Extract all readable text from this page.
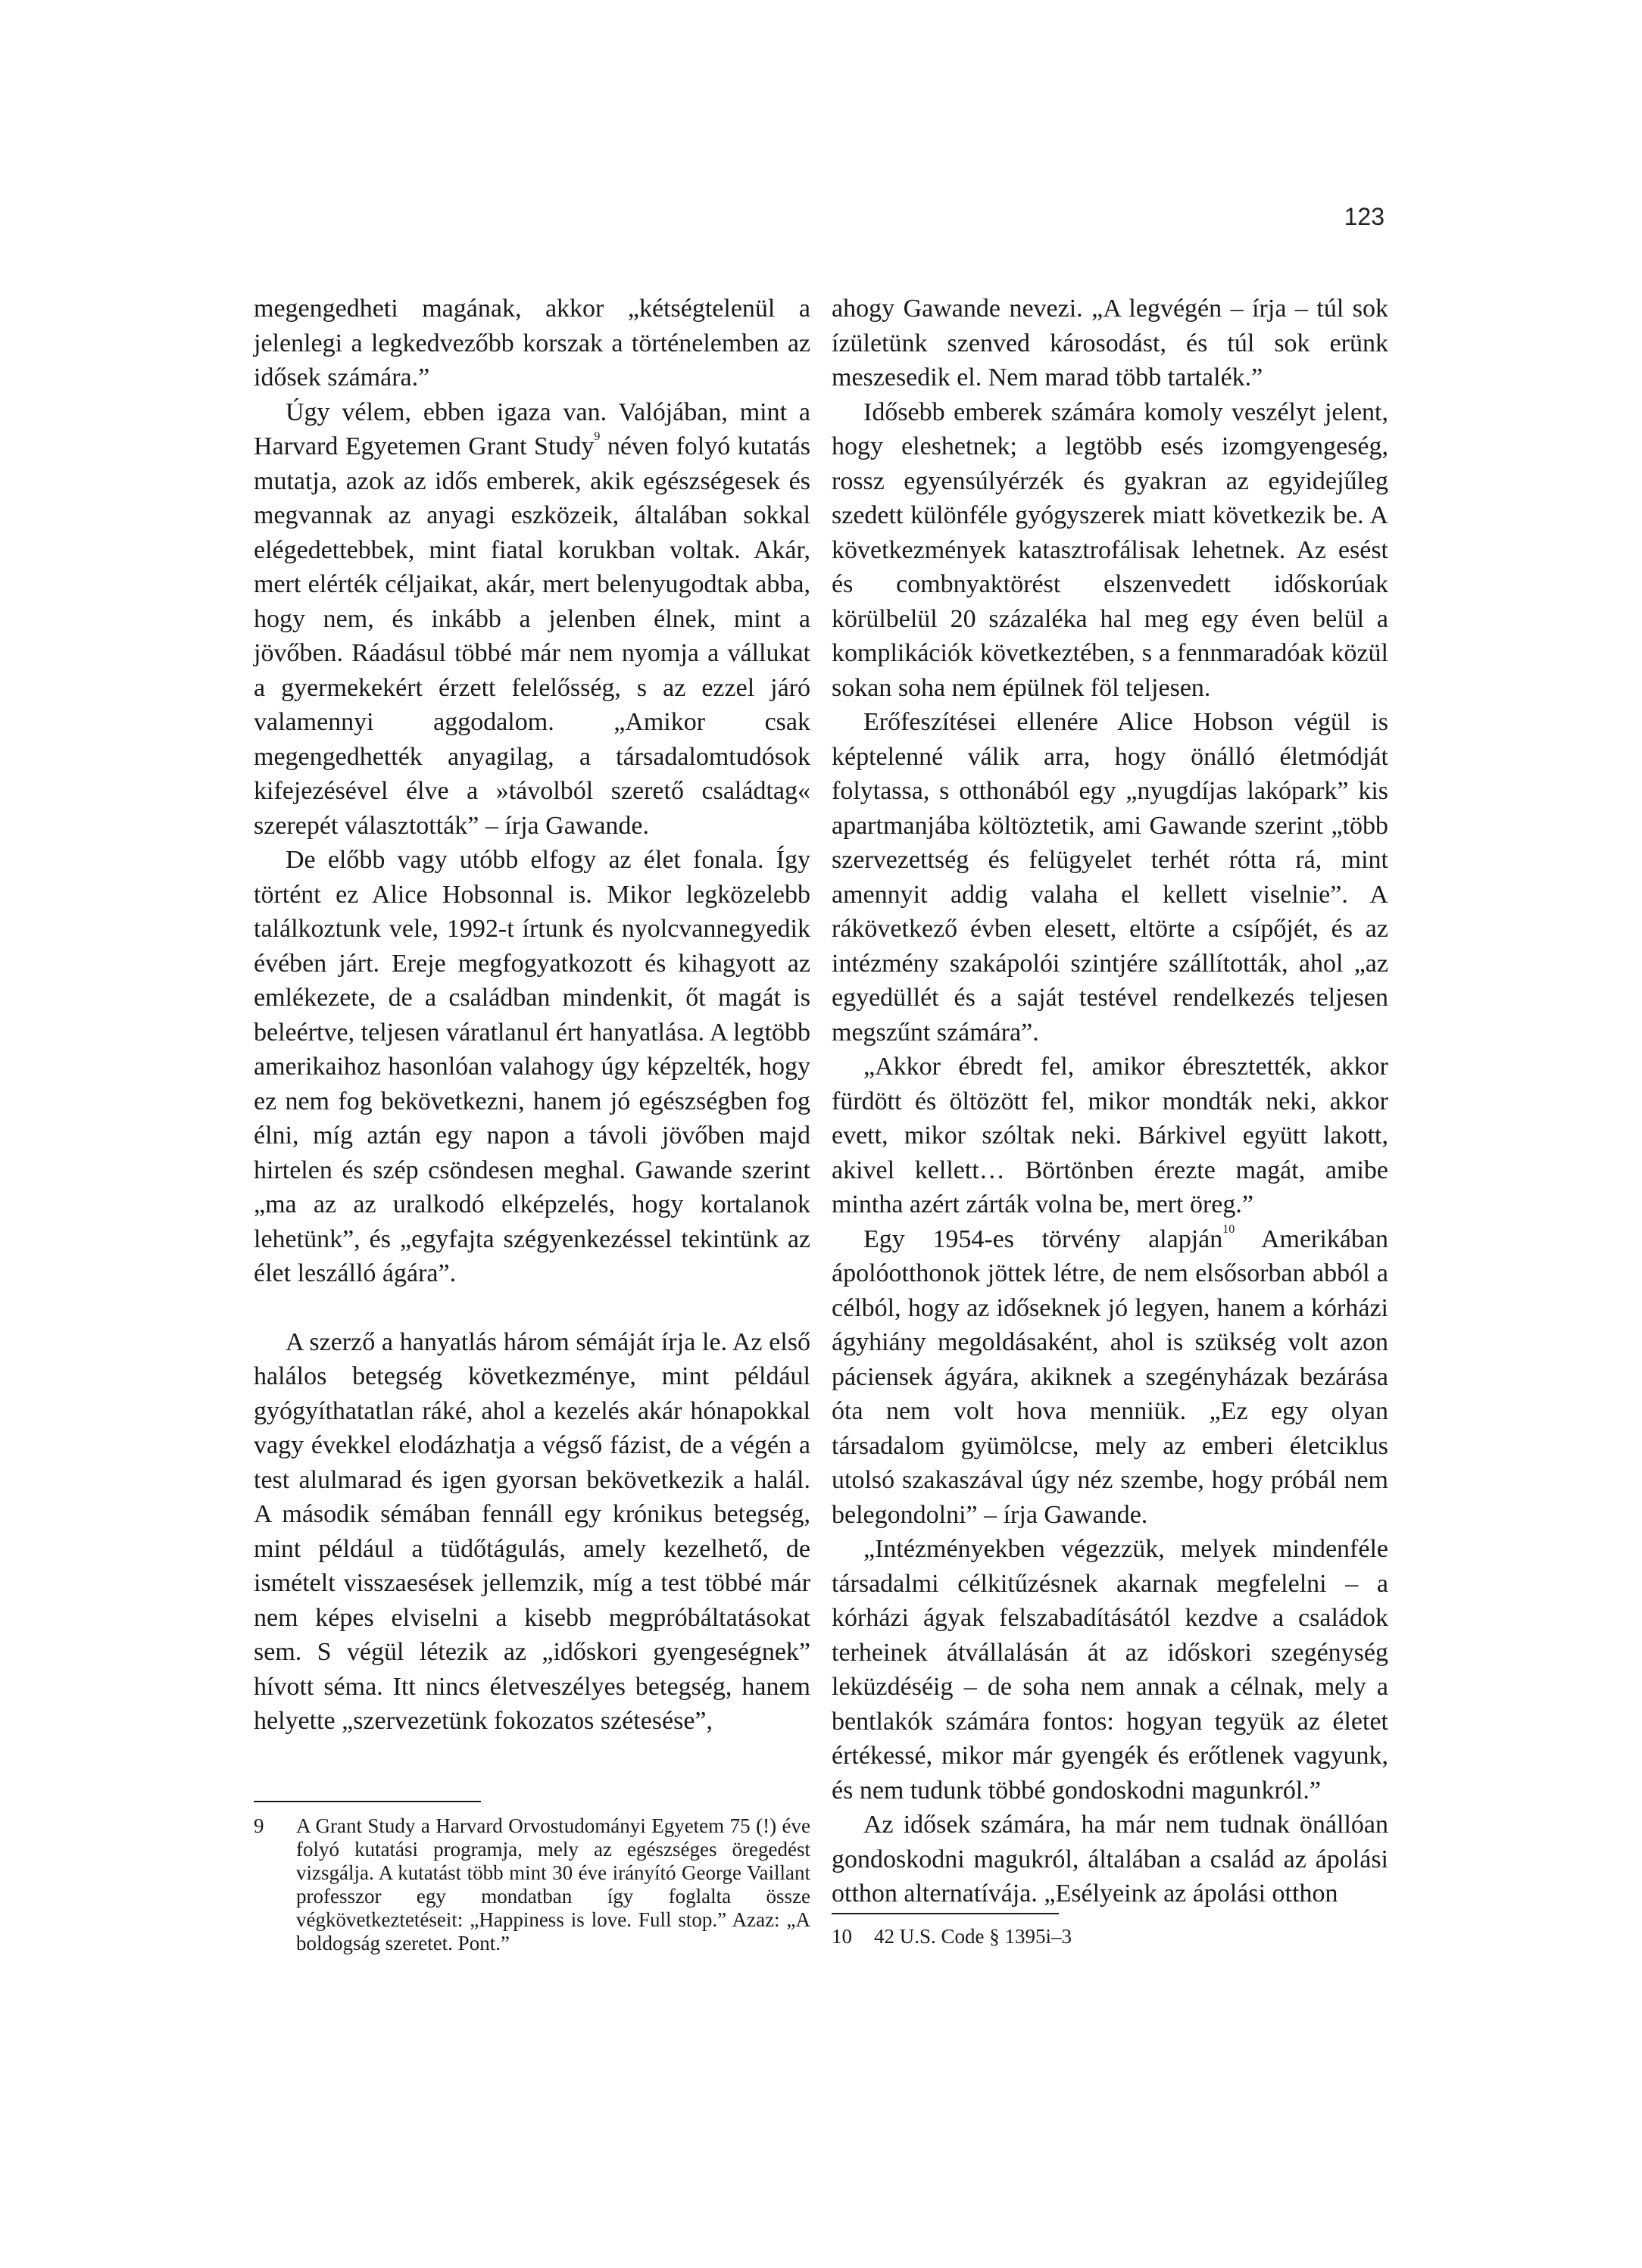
123

megengedheti magának, akkor „kétségtelenül a jelenlegi a legkedvezőbb korszak a történelemben az idősek számára.”

Úgy vélem, ebben igaza van. Valójában, mint a Harvard Egyetemen Grant Study$^9$ néven folyó kutatás mutatja, azok az idős emberek, akik egészségesek és megvannak az anyagi eszközeik, általában sokkal elégedettebbek, mint fiatal korukban voltak. Akár, mert elérték céljaikat, akár, mert belenyugodtak abba, hogy nem, és inkább a jelenben élnek, mint a jövőben. Ráadásul többé már nem nyomja a vállukat a gyermekekért érzett felelősség, s az ezzel járó valamennyi aggodalom. „Amikor csak megengedhették anyagilag, a társadalomtudósok kifejezésével élve a »távolból szerető családtag« szerepét választották” – írja Gawande.

De előbb vagy utóbb elfogy az élet fonala. Így történt ez Alice Hobsonnal is. Mikor legközelebb találkoztunk vele, 1992-t írtunk és nyolcvannegyedik évében járt. Ereje megfogyatkozott és kihagyott az emlékezete, de a családban mindenkit, őt magát is beleértve, teljesen váratlanul ért hanyatlása. A legtöbb amerikaihoz hasonlóan valahogy úgy képzelték, hogy ez nem fog bekövetkezni, hanem jó egészségben fog élni, míg aztán egy napon a távoli jövőben majd hirtelen és szép csöndesen meghal. Gawande szerint „ma az az uralkodó elképzelés, hogy kortalanok lehetünk”, és „egyfajta szégyenkezéssel tekintünk az élet leszálló ágára”.

A szerző a hanyatlás három sémáját írja le. Az első halálos betegség következménye, mint például gyógyíthatatlan ráké, ahol a kezelés akár hónapokkal vagy évekkel elodázhatja a végső fázist, de a végén a test alulmarad és igen gyorsan bekövetkezik a halál. A második sémában fennáll egy krónikus betegség, mint például a tüdőtágulás, amely kezelhető, de ismételt visszaesések jellemzik, míg a test többé már nem képes elviselni a kisebb megpróbáltatásokat sem. S végül létezik az „időskori gyengeségnek” hívott séma. Itt nincs életveszélyes betegség, hanem helyette „szervezetünk fokozatos szétesése”,

9	A Grant Study a Harvard Orvostudományi Egyetem 75 (!) éve folyó kutatási programja, mely az egészséges öregedést vizsgálja. A kutatást több mint 30 éve irányító George Vaillant professzor egy mondatban így foglalta össze végkövetkeztetéseit: „Happiness is love. Full stop.” Azaz: „A boldogság szeretet. Pont.”

ahogy Gawande nevezi. „A legvégén – írja – túl sok ízületünk szenved károsodást, és túl sok erünk meszesedik el. Nem marad több tartalék.”

Idősebb emberek számára komoly veszélyt jelent, hogy eleshetnek; a legtöbb esés izomgyengeség, rossz egyensúlyérzék és gyakran az egyidejűleg szedett különféle gyógyszerek miatt következik be. A következmények katasztrofálisak lehetnek. Az esést és combnyaktörést elszenvedett időskorúak körülbelül 20 százaléka hal meg egy éven belül a komplikációk következtében, s a fennmaradóak közül sokan soha nem épülnek föl teljesen.

Erőfeszítései ellenére Alice Hobson végül is képtelenné válik arra, hogy önálló életmódját folytassa, s otthonából egy „nyugdíjas lakópark” kis apartmanjába költöztetik, ami Gawande szerint „több szervezettség és felügyelet terhét rótta rá, mint amennyit addig valaha el kellett viselnie”. A rákövetkező évben elesett, eltörte a csípőjét, és az intézmény szakápolói szintjére szállították, ahol „az egyedüllét és a saját testével rendelkezés teljesen megszűnt számára”.

„Akkor ébredt fel, amikor ébresztették, akkor fürdött és öltözött fel, mikor mondták neki, akkor evett, mikor szóltak neki. Bárkivel együtt lakott, akivel kellett… Börtönben érezte magát, amibe mintha azért zárták volna be, mert öreg.”

Egy 1954-es törvény alapján$^{10}$ Amerikában ápolóotthonok jöttek létre, de nem elsősorban abból a célból, hogy az időseknek jó legyen, hanem a kórházi ágyhiány megoldásaként, ahol is szükség volt azon páciensek ágyára, akiknek a szegényházak bezárása óta nem volt hova menniük. „Ez egy olyan társadalom gyümölcse, mely az emberi életciklus utolsó szakaszával úgy néz szembe, hogy próbál nem belegondolni” – írja Gawande.

„Intézményekben végezzük, melyek mindenféle társadalmi célkitűzésnek akarnak megfelelni – a kórházi ágyak felszabadításától kezdve a családok terheinek átvállalásán át az időskori szegénység leküzdéséig – de soha nem annak a célnak, mely a bentlakók számára fontos: hogyan tegyük az életet értékessé, mikor már gyengék és erőtlenek vagyunk, és nem tudunk többé gondoskodni magunkról.”

Az idősek számára, ha már nem tudnak önállóan gondoskodni magukról, általában a család az ápolási otthon alternatívája. „Esélyeink az ápolási otthon

10	42 U.S. Code § 1395i–3
